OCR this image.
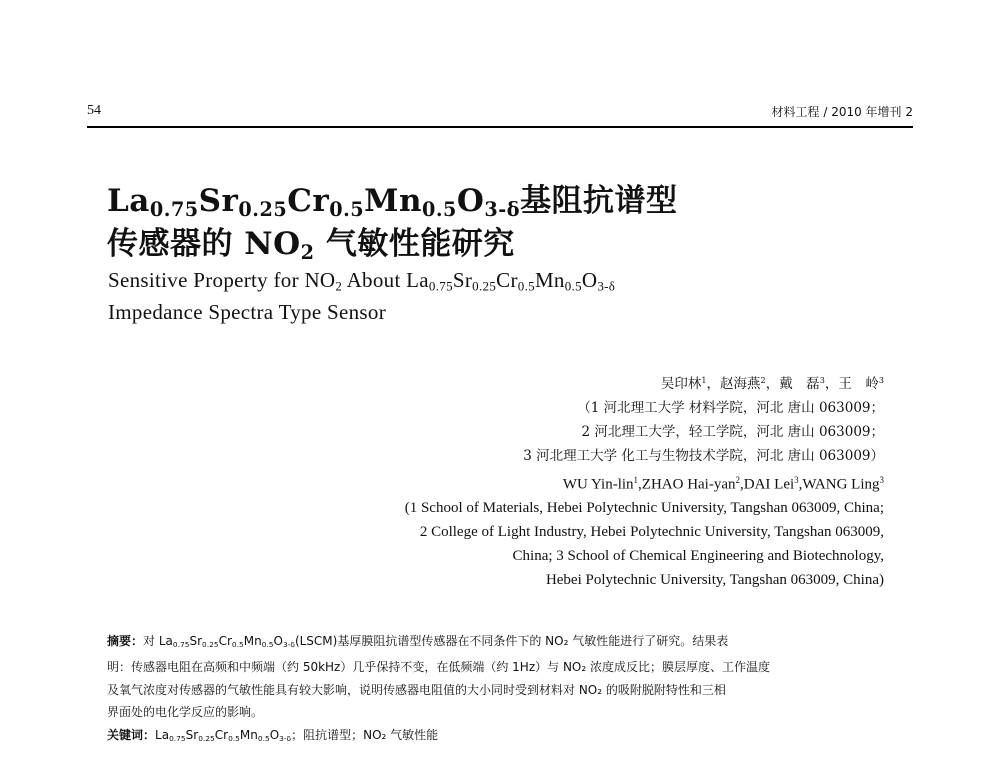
54	材料工程 / 2010 年增刊 2
$La_{0.75}Sr_{0.25}Cr_{0.5}Mn_{0.5}O_{3-\delta}$基阻抗谱型
传感器的 $NO_2$ 气敏性能研究
Sensitive Property for $NO_2$ About $La_{0.75}Sr_{0.25}Cr_{0.5}Mn_{0.5}O_{3-\delta}$
Impedance Spectra Type Sensor
吴印林$^1$，赵海燕$^2$，戴　磊$^3$，王　岭$^3$
（1 河北理工大学 材料学院，河北 唐山 063009；
2 河北理工大学，轻工学院，河北 唐山 063009；
3 河北理工大学 化工与生物技术学院，河北 唐山 063009）
WU Yin-lin$^1$,ZHAO Hai-yan$^2$,DAI Lei$^3$,WANG Ling$^3$
(1 School of Materials, Hebei Polytechnic University, Tangshan 063009, China;
2 College of Light Industry, Hebei Polytechnic University, Tangshan 063009,
China; 3 School of Chemical Engineering and Biotechnology,
Hebei Polytechnic University, Tangshan 063009, China)
摘要：对 $La_{0.75}Sr_{0.25}Cr_{0.5}Mn_{0.5}O_{3-\delta}(LSCM)$基厚膜阻抗谱型传感器在不同条件下的 NO₂ 气敏性能进行了研究。结果表
明：传感器电阻在高频和中频端（约 50kHz）几乎保持不变，在低频端（约 1Hz）与 NO₂ 浓度成反比；膜层厚度、工作温度
及氧气浓度对传感器的气敏性能具有较大影响，说明传感器电阻值的大小同时受到材料对 NO₂ 的吸附脱附特性和三相
界面处的电化学反应的影响。
关键词：$La_{0.75}Sr_{0.25}Cr_{0.5}Mn_{0.5}O_{3-\delta}$；阻抗谱型；NO₂ 气敏性能
